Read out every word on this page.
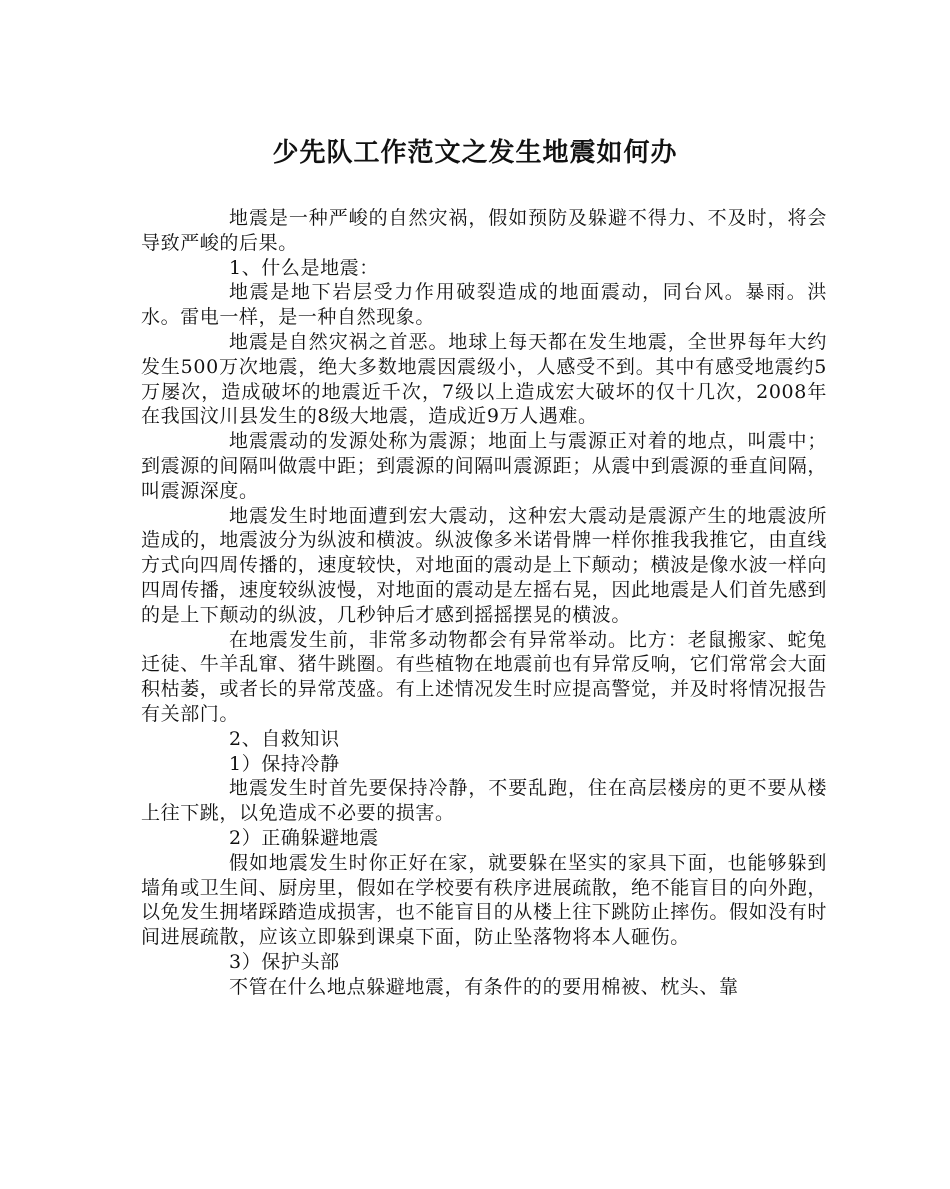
少先队工作范文之发生地震如何办

地震是一种严峻的自然灾祸，假如预防及躲避不得力、不及时，将会导致严峻的后果。

1、什么是地震：

地震是地下岩层受力作用破裂造成的地面震动，同台风。暴雨。洪水。雷电一样，是一种自然现象。

地震是自然灾祸之首恶。地球上每天都在发生地震，全世界每年大约发生500万次地震，绝大多数地震因震级小，人感受不到。其中有感受地震约5万屡次，造成破坏的地震近千次，7级以上造成宏大破坏的仅十几次，2008年在我国汶川县发生的8级大地震，造成近9万人遇难。

地震震动的发源处称为震源；地面上与震源正对着的地点，叫震中；到震源的间隔叫做震中距；到震源的间隔叫震源距；从震中到震源的垂直间隔，叫震源深度。

地震发生时地面遭到宏大震动，这种宏大震动是震源产生的地震波所造成的，地震波分为纵波和横波。纵波像多米诺骨牌一样你推我我推它，由直线方式向四周传播的，速度较快，对地面的震动是上下颠动；横波是像水波一样向四周传播，速度较纵波慢，对地面的震动是左摇右晃，因此地震是人们首先感到的是上下颠动的纵波，几秒钟后才感到摇摇摆晃的横波。

在地震发生前，非常多动物都会有异常举动。比方：老鼠搬家、蛇兔迁徒、牛羊乱窜、猪牛跳圈。有些植物在地震前也有异常反响，它们常常会大面积枯萎，或者长的异常茂盛。有上述情况发生时应提高警觉，并及时将情况报告有关部门。

2、自救知识

1）保持冷静

地震发生时首先要保持冷静，不要乱跑，住在高层楼房的更不要从楼上往下跳，以免造成不必要的损害。

2）正确躲避地震

假如地震发生时你正好在家，就要躲在坚实的家具下面，也能够躲到墙角或卫生间、厨房里，假如在学校要有秩序进展疏散，绝不能盲目的向外跑，以免发生拥堵踩踏造成损害，也不能盲目的从楼上往下跳防止摔伤。假如没有时间进展疏散，应该立即躲到课桌下面，防止坠落物将本人砸伤。

3）保护头部

不管在什么地点躲避地震，有条件的的要用棉被、枕头、靠
